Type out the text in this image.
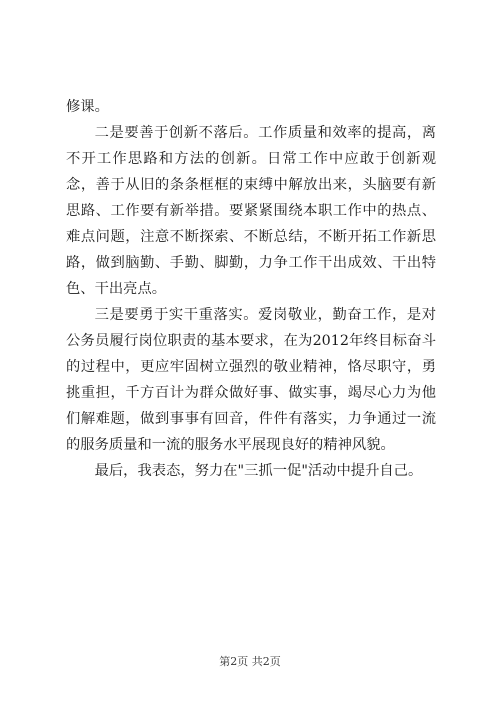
修课。

二是要善于创新不落后。工作质量和效率的提高，离不开工作思路和方法的创新。日常工作中应敢于创新观念，善于从旧的条条框框的束缚中解放出来，头脑要有新思路、工作要有新举措。要紧紧围绕本职工作中的热点、难点问题，注意不断探索、不断总结，不断开拓工作新思路，做到脑勤、手勤、脚勤，力争工作干出成效、干出特色、干出亮点。

三是要勇于实干重落实。爱岗敬业，勤奋工作，是对公务员履行岗位职责的基本要求，在为2012年终目标奋斗的过程中，更应牢固树立强烈的敬业精神，恪尽职守，勇挑重担，千方百计为群众做好事、做实事，竭尽心力为他们解难题，做到事事有回音，件件有落实，力争通过一流的服务质量和一流的服务水平展现良好的精神风貌。

最后，我表态，努力在"三抓一促"活动中提升自己。

第2页 共2页
